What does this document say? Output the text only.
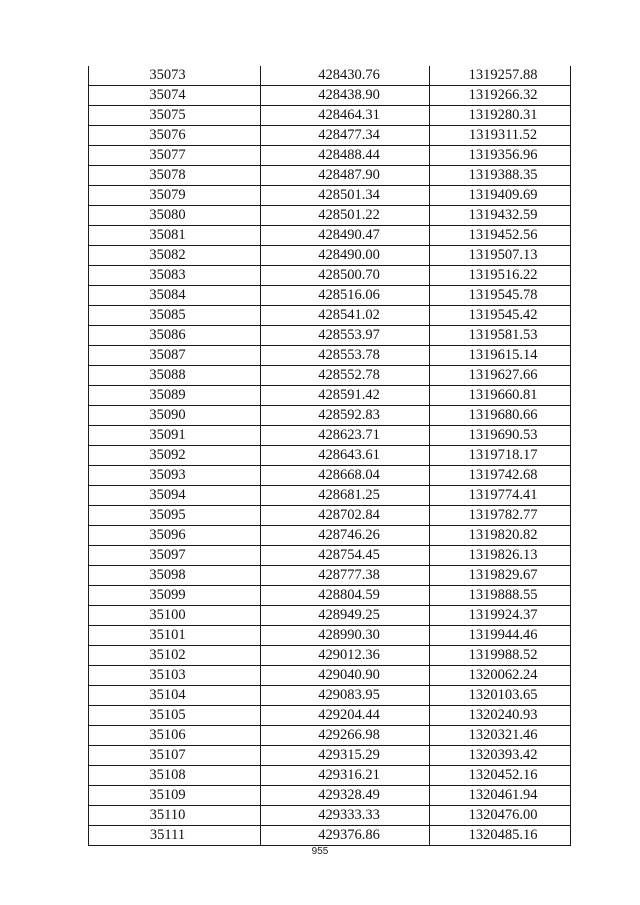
35073	428430.76	1319257.88
35074	428438.90	1319266.32
35075	428464.31	1319280.31
35076	428477.34	1319311.52
35077	428488.44	1319356.96
35078	428487.90	1319388.35
35079	428501.34	1319409.69
35080	428501.22	1319432.59
35081	428490.47	1319452.56
35082	428490.00	1319507.13
35083	428500.70	1319516.22
35084	428516.06	1319545.78
35085	428541.02	1319545.42
35086	428553.97	1319581.53
35087	428553.78	1319615.14
35088	428552.78	1319627.66
35089	428591.42	1319660.81
35090	428592.83	1319680.66
35091	428623.71	1319690.53
35092	428643.61	1319718.17
35093	428668.04	1319742.68
35094	428681.25	1319774.41
35095	428702.84	1319782.77
35096	428746.26	1319820.82
35097	428754.45	1319826.13
35098	428777.38	1319829.67
35099	428804.59	1319888.55
35100	428949.25	1319924.37
35101	428990.30	1319944.46
35102	429012.36	1319988.52
35103	429040.90	1320062.24
35104	429083.95	1320103.65
35105	429204.44	1320240.93
35106	429266.98	1320321.46
35107	429315.29	1320393.42
35108	429316.21	1320452.16
35109	429328.49	1320461.94
35110	429333.33	1320476.00
35111	429376.86	1320485.16
955
